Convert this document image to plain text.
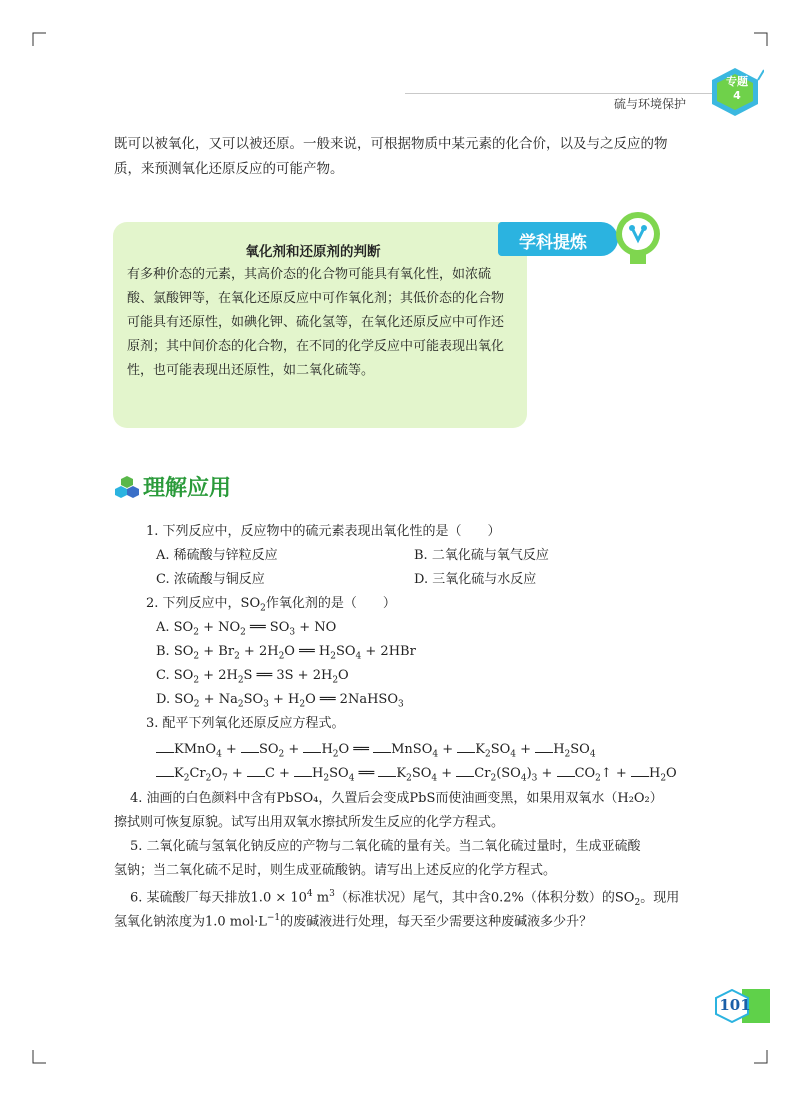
硫与环境保护
专题
4
既可以被氧化，又可以被还原。一般来说，可根据物质中某元素的化合价，以及与之反应的物
质，来预测氧化还原反应的可能产物。
学科提炼
氧化剂和还原剂的判断
有多种价态的元素，其高价态的化合物可能具有氧化性，如浓硫酸、氯酸钾等，在氧化还原反应中可作氧化剂；其低价态的化合物可能具有还原性，如碘化钾、硫化氢等，在氧化还原反应中可作还原剂；其中间价态的化合物，在不同的化学反应中可能表现出氧化性，也可能表现出还原性，如二氧化硫等。
理解应用
1. 下列反应中，反应物中的硫元素表现出氧化性的是（　　）
A. 稀硫酸与锌粒反应	B. 二氧化硫与氧气反应
C. 浓硫酸与铜反应	D. 三氧化硫与水反应
2. 下列反应中，$SO_2$作氧化剂的是（　　）
A. $SO_2 + NO_2$ ══ $SO_3$ + NO
B. $SO_2 + Br_2 + 2H_2O$ ══ $H_2SO_4 + 2HBr$
C. $SO_2 + 2H_2S$ ══ $3S + 2H_2O$
D. $SO_2 + Na_2SO_3 + H_2O$ ══ 2NaHSO$_3$
3. 配平下列氧化还原反应方程式。
KMnO$_4$ + $SO_2 + H_2O$ ══ MnSO$_4$ + $K_2SO_4 + H_2SO_4$
$K_2Cr_2O_7 + C + H_2SO_4$ ══ $K_2SO_4 + Cr_2(SO_4)_3$ + $CO_2↑ + H_2O$
4. 油画的白色颜料中含有PbSO₄，久置后会变成PbS而使油画变黑，如果用双氧水（H₂O₂）
擦拭则可恢复原貌。试写出用双氧水擦拭所发生反应的化学方程式。
5. 二氧化硫与氢氧化钠反应的产物与二氧化硫的量有关。当二氧化硫过量时，生成亚硫酸
氢钠；当二氧化硫不足时，则生成亚硫酸钠。请写出上述反应的化学方程式。
6. 某硫酸厂每天排放$1.0 \times 10^4$ $m^3$（标准状况）尾气，其中含0.2%（体积分数）的$SO_2$。现用
氢氧化钠浓度为1.0 $mol\cdot L^{-1}$的废碱液进行处理，每天至少需要这种废碱液多少升？
101
